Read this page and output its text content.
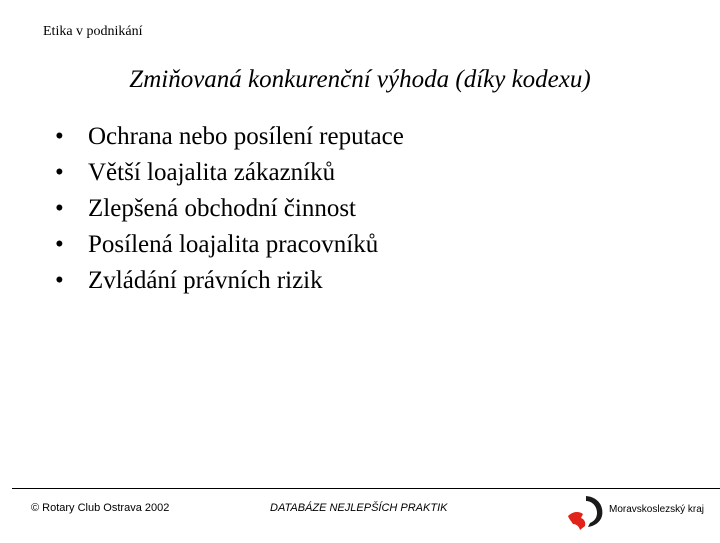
Etika v podnikání
Zmiňovaná konkurenční výhoda (díky kodexu)
• Ochrana nebo posílení reputace
• Větší loajalita zákazníků
• Zlepšená obchodní činnost
• Posílená loajalita pracovníků
• Zvládání právních rizik
© Rotary Club Ostrava 2002	DATABÁZE NEJLEPŠÍCH PRAKTIK	Moravskoslezský kraj
